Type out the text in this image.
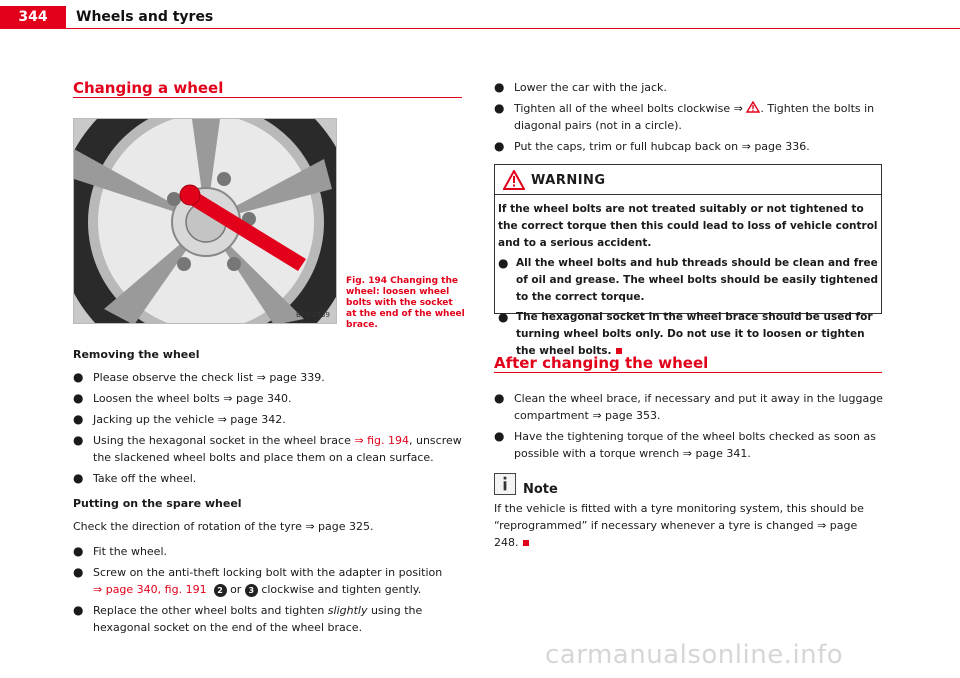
344	Wheels and tyres
Changing a wheel
B7V-0539
Fig. 194 Changing the wheel: loosen wheel bolts with the socket at the end of the wheel brace.
Removing the wheel
● Please observe the check list ⇒ page 339.
● Loosen the wheel bolts ⇒ page 340.
● Jacking up the vehicle ⇒ page 342.
● Using the hexagonal socket in the wheel brace ⇒ fig. 194, unscrew the slackened wheel bolts and place them on a clean surface.
● Take off the wheel.
Putting on the spare wheel
Check the direction of rotation of the tyre ⇒ page 325.
● Fit the wheel.
● Screw on the anti-theft locking bolt with the adapter in position
⇒ page 340, fig. 191 2 or 3 clockwise and tighten gently.
● Replace the other wheel bolts and tighten slightly using the hexagonal socket on the end of the wheel brace.
● Lower the car with the jack.
● Tighten all of the wheel bolts clockwise ⇒ . Tighten the bolts in diagonal pairs (not in a circle).
● Put the caps, trim or full hubcap back on ⇒ page 336.
WARNING
If the wheel bolts are not treated suitably or not tightened to the correct torque then this could lead to loss of vehicle control and to a serious accident.
● All the wheel bolts and hub threads should be clean and free of oil and grease. The wheel bolts should be easily tightened to the correct torque.
● The hexagonal socket in the wheel brace should be used for turning wheel bolts only. Do not use it to loosen or tighten the wheel bolts.
After changing the wheel
● Clean the wheel brace, if necessary and put it away in the luggage compartment ⇒ page 353.
● Have the tightening torque of the wheel bolts checked as soon as possible with a torque wrench ⇒ page 341.
Note
If the vehicle is fitted with a tyre monitoring system, this should be “reprogrammed” if necessary whenever a tyre is changed ⇒ page 248.
carmanualsonline.info
